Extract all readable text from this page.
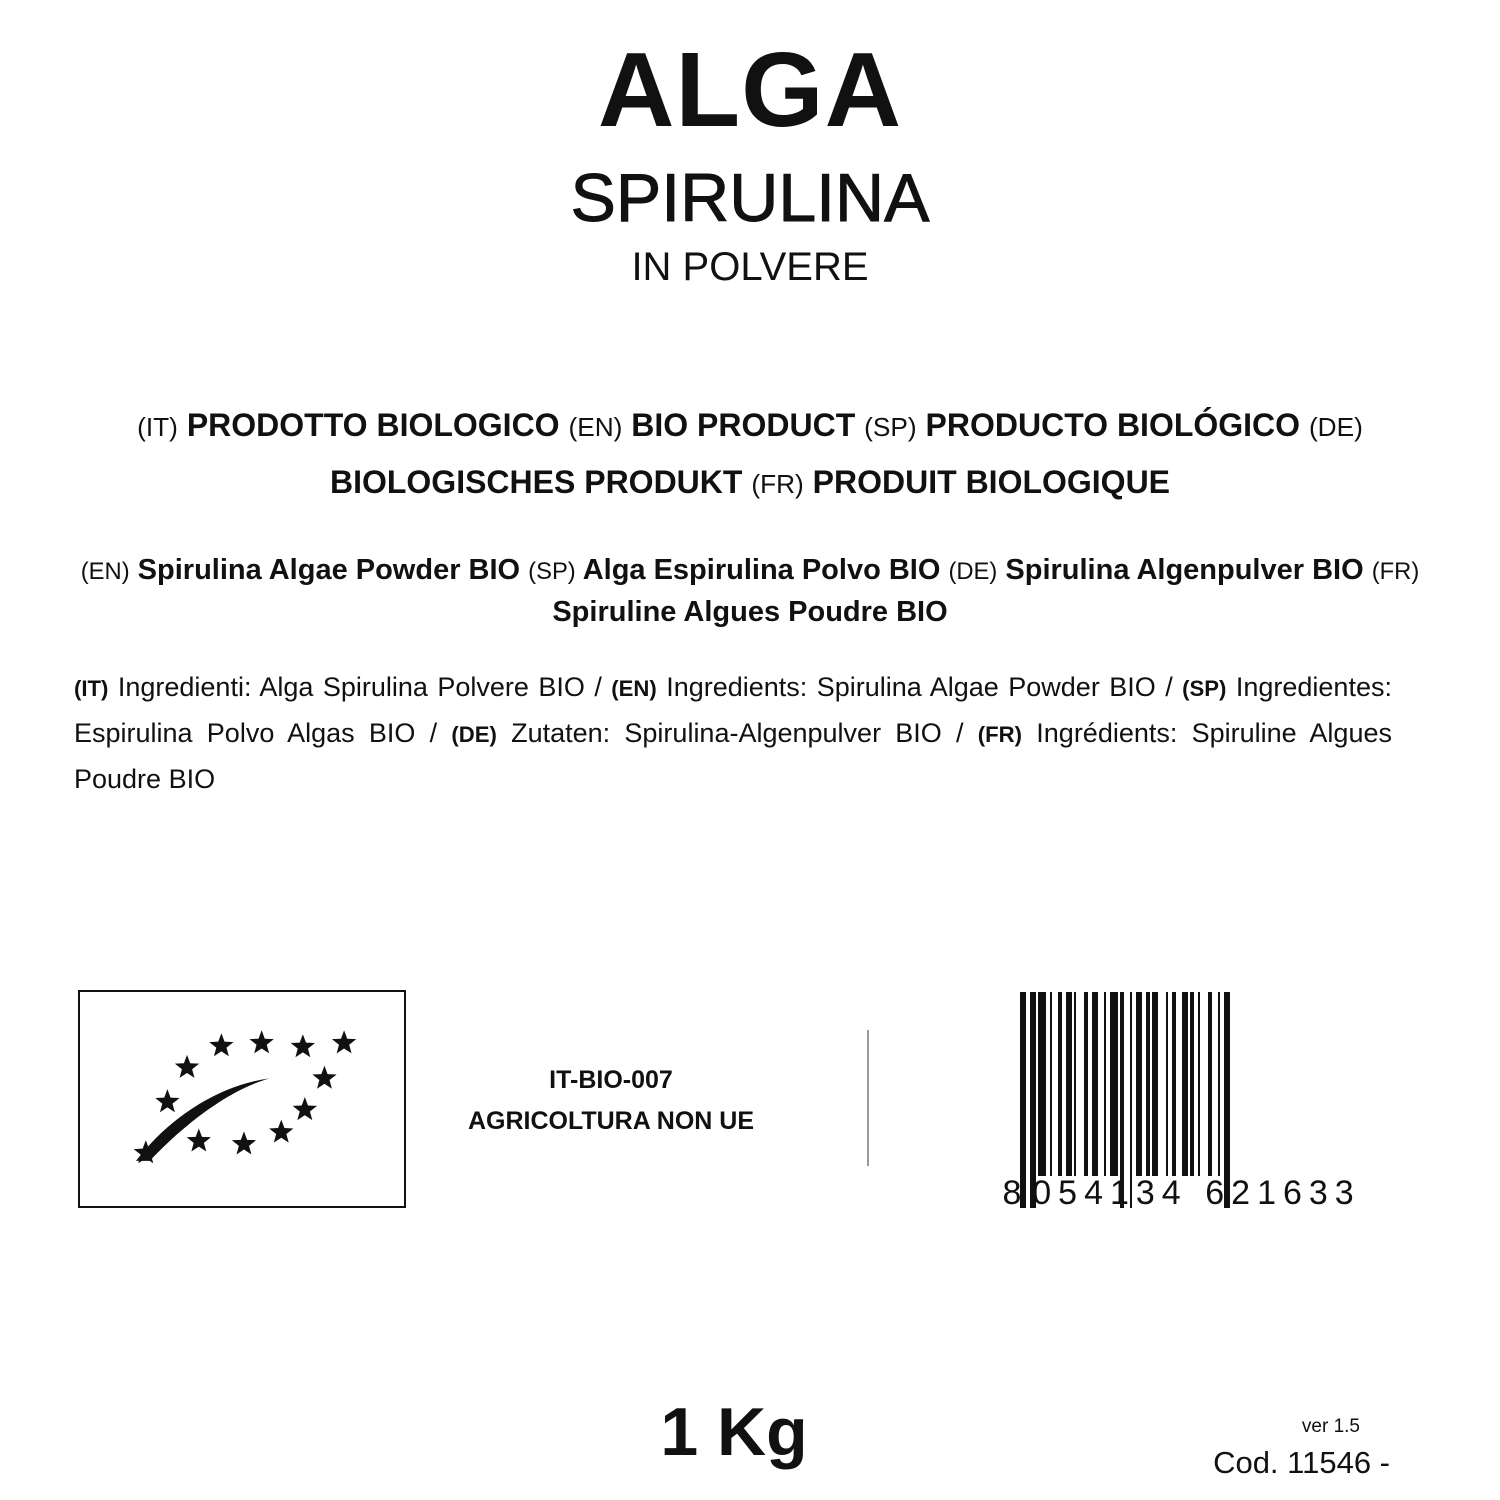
ALGA
SPIRULINA
IN POLVERE
(IT) PRODOTTO BIOLOGICO (EN) BIO PRODUCT (SP) PRODUCTO BIOLÓGICO (DE) BIOLOGISCHES PRODUKT (FR) PRODUIT BIOLOGIQUE
(EN) Spirulina Algae Powder BIO (SP) Alga Espirulina Polvo BIO (DE) Spirulina Algenpulver BIO (FR) Spiruline Algues Poudre BIO
(IT) Ingredienti: Alga Spirulina Polvere BIO / (EN) Ingredients: Spirulina Algae Powder BIO / (SP) Ingredientes: Espirulina Polvo Algas BIO / (DE) Zutaten: Spirulina-Algenpulver BIO / (FR) Ingrédients: Spiruline Algues Poudre BIO
IT-BIO-007
AGRICOLTURA NON UE
8 054134 621633
1 Kg	ver 1.5
Cod. 11546 -
